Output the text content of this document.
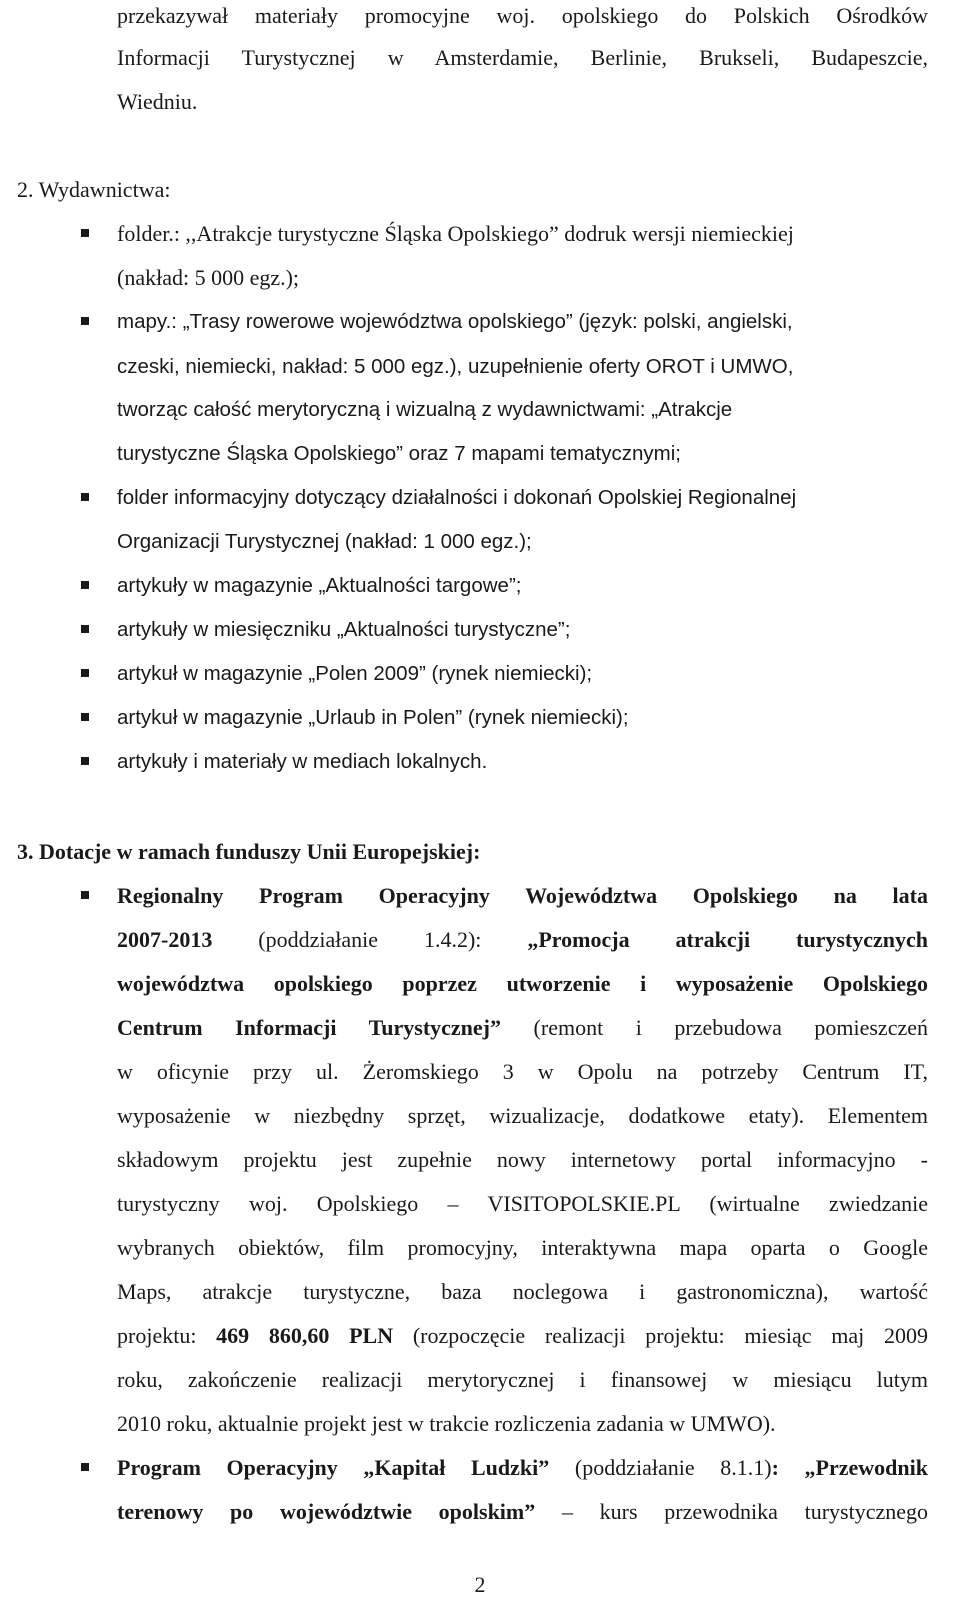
przekazywał materiały promocyjne woj. opolskiego do Polskich Ośrodków
Informacji Turystycznej w Amsterdamie, Berlinie, Brukseli, Budapeszcie,
Wiedniu.
2. Wydawnictwa:
folder.: ,,Atrakcje turystyczne Śląska Opolskiego” dodruk wersji niemieckiej
(nakład: 5 000 egz.);
mapy.: „Trasy rowerowe województwa opolskiego” (język: polski, angielski,
czeski, niemiecki, nakład: 5 000 egz.), uzupełnienie oferty OROT i UMWO,
tworząc całość merytoryczną i wizualną z wydawnictwami: „Atrakcje
turystyczne Śląska Opolskiego” oraz 7 mapami tematycznymi;
folder informacyjny dotyczący działalności i dokonań Opolskiej Regionalnej
Organizacji Turystycznej (nakład: 1 000 egz.);
artykuły w magazynie „Aktualności targowe”;
artykuły w miesięczniku „Aktualności turystyczne”;
artykuł w magazynie „Polen 2009” (rynek niemiecki);
artykuł w magazynie „Urlaub in Polen” (rynek niemiecki);
artykuły i materiały w mediach lokalnych.
3. Dotacje w ramach funduszy Unii Europejskiej:
Regionalny Program Operacyjny Województwa Opolskiego na lata
2007-2013 (poddziałanie 1.4.2): „Promocja atrakcji turystycznych
województwa opolskiego poprzez utworzenie i wyposażenie Opolskiego
Centrum Informacji Turystycznej” (remont i przebudowa pomieszczeń
w oficynie przy ul. Żeromskiego 3 w Opolu na potrzeby Centrum IT,
wyposażenie w niezbędny sprzęt, wizualizacje, dodatkowe etaty). Elementem
składowym projektu jest zupełnie nowy internetowy portal informacyjno -
turystyczny woj. Opolskiego – VISITOPOLSKIE.PL (wirtualne zwiedzanie
wybranych obiektów, film promocyjny, interaktywna mapa oparta o Google
Maps, atrakcje turystyczne, baza noclegowa i gastronomiczna), wartość
projektu: 469 860,60 PLN (rozpoczęcie realizacji projektu: miesiąc maj 2009
roku, zakończenie realizacji merytorycznej i finansowej w miesiącu lutym
2010 roku, aktualnie projekt jest w trakcie rozliczenia zadania w UMWO).
Program Operacyjny „Kapitał Ludzki” (poddziałanie 8.1.1): „Przewodnik
terenowy po województwie opolskim” – kurs przewodnika turystycznego
2
